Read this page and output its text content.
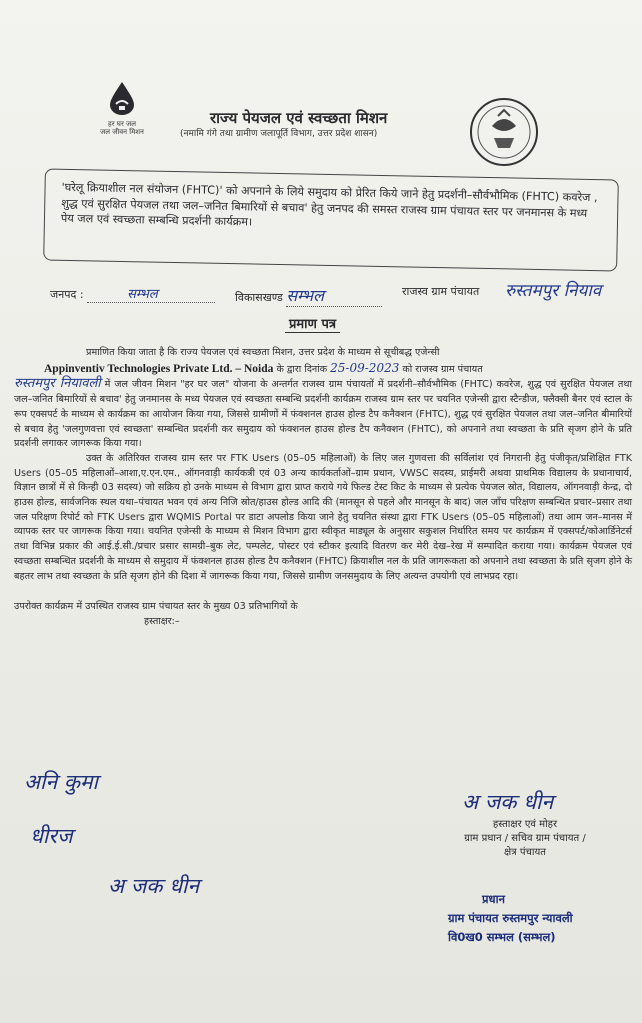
हर घर जल
जल जीवन मिशन
राज्य पेयजल एवं स्वच्छता मिशन
(नमामि गंगे तथा ग्रामीण जलापूर्ति विभाग, उत्तर प्रदेश शासन)

'घरेलू क्रियाशील नल संयोजन (FHTC)' को अपनाने के लिये समुदाय को प्रेरित किये जाने हेतु प्रदर्शनी–सौर्वभौमिक (FHTC) कवरेज , शुद्ध एवं सुरक्षित पेयजल तथा जल–जनित बिमारियों से बचाव' हेतु जनपद की समस्त राजस्व ग्राम पंचायत स्तर पर जनमानस के मध्य पेय जल एवं स्वच्छता सम्बन्धि प्रदर्शनी कार्यक्रम।

जनपद :	सम्भल	विकासखण्ड सम्भल	राजस्व ग्राम पंचायत रुस्तमपुर नियाव
प्रमाण पत्र

प्रमाणित किया जाता है कि राज्य पेयजल एवं स्वच्छता मिशन, उत्तर प्रदेश के माध्यम से सूचीबद्ध एजेन्सी

Appinventiv Technologies Private Ltd. – Noida के द्वारा दिनांक 25-09-2023 को राजस्व ग्राम पंचायत

रुस्तमपुर नियावली में जल जीवन मिशन "हर घर जल" योजना के अन्तर्गत राजस्व ग्राम पंचायतों में प्रदर्शनी–सौर्वभौमिक (FHTC) कवरेज, शुद्ध एवं सुरक्षित पेयजल तथा जल–जनित बिमारियों से बचाव' हेतु जनमानस के मध्य पेयजल एवं स्वच्छता सम्बन्धि प्रदर्शनी कार्यक्रम राजस्व ग्राम स्तर पर चयनित एजेन्सी द्वारा स्टैन्डीज, फ्लैक्सी बैनर एवं स्टाल के रूप एक्सपर्ट के माध्यम से कार्यक्रम का आयोजन किया गया, जिससे ग्रामीणों में फंक्शनल हाउस होल्ड टैप कनैक्शन (FHTC), शुद्ध एवं सुरक्षित पेयजल तथा जल–जनित बीमारियों से बचाव हेतु 'जलगुणवत्ता एवं स्वच्छता' सम्बन्धित प्रदर्शनी कर समुदाय को फंक्शनल हाउस होल्ड टैप कनैक्शन (FHTC), को अपनाने तथा स्वच्छता के प्रति सृजग होने के प्रति प्रदर्शनी लगाकर जागरूक किया गया।

उक्त के अतिरिक्त राजस्व ग्राम स्तर पर FTK Users (05–05 महिलाओं) के लिए जल गुणवत्ता की सर्विलांश एवं निगरानी हेतु पंजीकृत/प्रशिक्षित FTK Users (05–05 महिलाओं–आशा,ए.एन.एम., ऑगनवाड़ी कार्यकत्री एवं 03 अन्य कार्यकर्ताओं–ग्राम प्रधान, VWSC सदस्य, प्राईमरी अथवा प्राथमिक विद्यालय के प्रधानाचार्य, विज्ञान छात्रों में से किन्ही 03 सदस्य) जो सक्रिय हो उनके माध्यम से विभाग द्वारा प्राप्त कराये गये फिल्ड टेस्ट किट के माध्यम से प्रत्येक पेयजल स्रोत, विद्यालय, ऑगनवाड़ी केन्द्र, दो हाउस होल्ड, सार्वजनिक स्थल यथा–पंचायत भवन एवं अन्य निजि स्रोत/हाउस होल्ड आदि की (मानसून से पहले और मानसून के बाद) जल जाँच परिक्षण सम्बन्धित प्रचार–प्रसार तथा जल परिक्षण रिपोर्ट को FTK Users द्वारा WQMIS Portal पर डाटा अपलोड किया जाने हेतु चयनित संस्था द्वारा FTK Users (05–05 महिलाओं) तथा आम जन–मानस में व्यापक स्तर पर जागरूक किया गया। चयनित एजेन्सी के माध्यम से मिशन विभाग द्वारा स्वीकृत माड्यूल के अनुसार सकुशल निर्धारित समय पर कार्यक्रम में एक्सपर्ट/कोआर्डिनेटर्स तथा विभिन्न प्रकार की आई.ई.सी./प्रचार प्रसार सामग्री–बुक लेट, पम्पलेट, पोस्टर एवं स्टीकर इत्यादि वितरण कर मेरी देख–रेख में सम्पादित कराया गया। कार्यक्रम पेयजल एवं स्वच्छता सम्बन्धित प्रदर्शनी के माध्यम से समुदाय में फंक्शनल हाउस होल्ड टैप कनैक्शन (FHTC) क्रियाशील नल के प्रति जागरूकता को अपनाने तथा स्वच्छता के प्रति सृजग होने के बहतर लाभ तथा स्वच्छता के प्रति सृजग होने की दिशा में जागरूक किया गया, जिससे ग्रामीण जनसमुदाय के लिए अत्यन्त उपयोगी एवं लाभप्रद रहा।

उपरोक्त कार्यक्रम में उपस्थित राजस्व ग्राम पंचायत स्तर के मुख्य 03 प्रतिभागियों के

हस्ताक्षर:–

अनि कुमा
धीरज
अ जक धीन
अ जक धीन
हस्ताक्षर एवं मोहर
ग्राम प्रधान / सचिव ग्राम पंचायत /
क्षेत्र पंचायत
प्रधान
ग्राम पंचायत रुस्तमपुर न्यावली
वि0ख0 सम्भल (सम्भल)
